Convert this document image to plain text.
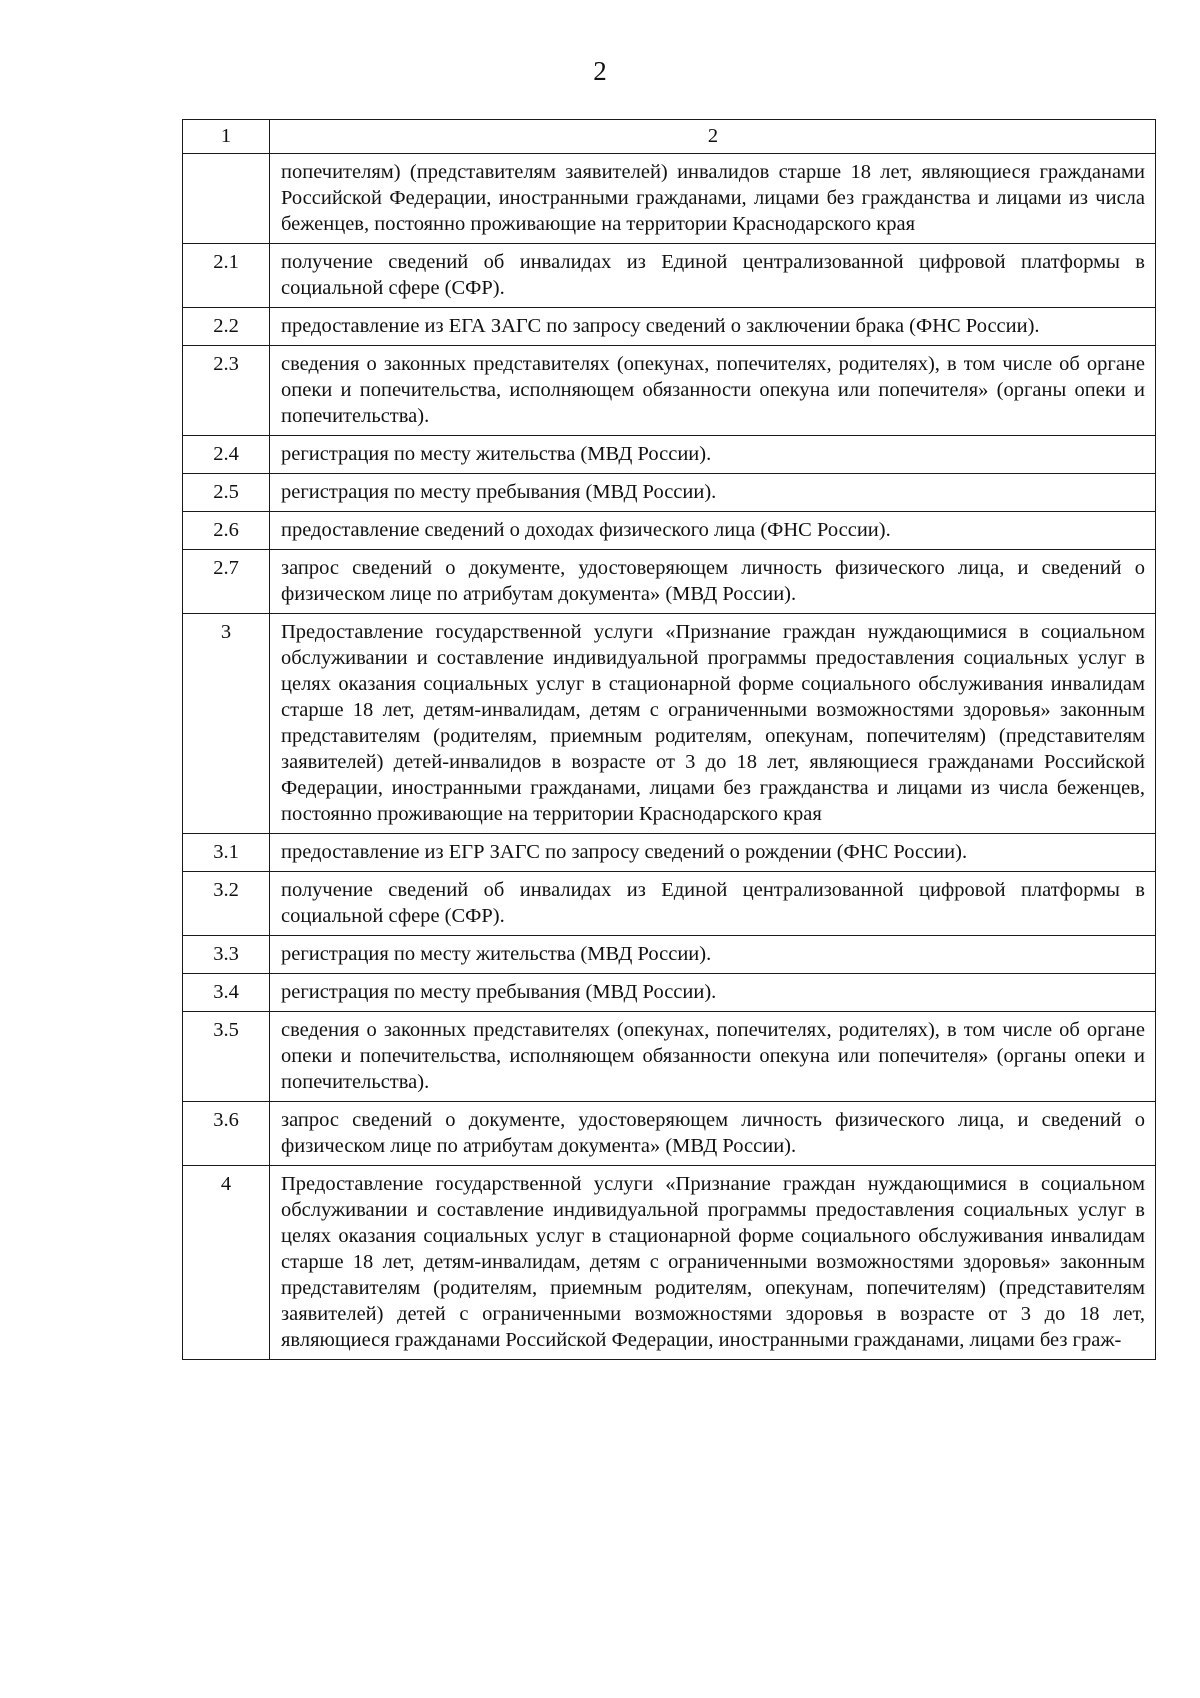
2
1	2
	попечителям) (представителям заявителей) инвалидов старше 18 лет, являющиеся гражданами Российской Федерации, иностранными гражданами, лицами без гражданства и лицами из числа беженцев, постоянно проживающие на территории Краснодарского края
2.1	получение сведений об инвалидах из Единой централизованной цифровой платформы в социальной сфере (СФР).
2.2	предоставление из ЕГА ЗАГС по запросу сведений о заключении брака (ФНС России).
2.3	сведения о законных представителях (опекунах, попечителях, родителях), в том числе об органе опеки и попечительства, исполняющем обязанности опекуна или попечителя» (органы опеки и попечительства).
2.4	регистрация по месту жительства (МВД России).
2.5	регистрация по месту пребывания (МВД России).
2.6	предоставление сведений о доходах физического лица (ФНС России).
2.7	запрос сведений о документе, удостоверяющем личность физического лица, и сведений о физическом лице по атрибутам документа» (МВД России).
3	Предоставление государственной услуги «Признание граждан нуждающимися в социальном обслуживании и составление индивидуальной программы предоставления социальных услуг в целях оказания социальных услуг в стационарной форме социального обслуживания инвалидам старше 18 лет, детям-инвалидам, детям с ограниченными возможностями здоровья» законным представителям (родителям, приемным родителям, опекунам, попечителям) (представителям заявителей) детей-инвалидов в возрасте от 3 до 18 лет, являющиеся гражданами Российской Федерации, иностранными гражданами, лицами без гражданства и лицами из числа беженцев, постоянно проживающие на территории Краснодарского края
3.1	предоставление из ЕГР ЗАГС по запросу сведений о рождении (ФНС России).
3.2	получение сведений об инвалидах из Единой централизованной цифровой платформы в социальной сфере (СФР).
3.3	регистрация по месту жительства (МВД России).
3.4	регистрация по месту пребывания (МВД России).
3.5	сведения о законных представителях (опекунах, попечителях, родителях), в том числе об органе опеки и попечительства, исполняющем обязанности опекуна или попечителя» (органы опеки и попечительства).
3.6	запрос сведений о документе, удостоверяющем личность физического лица, и сведений о физическом лице по атрибутам документа» (МВД России).
4	Предоставление государственной услуги «Признание граждан нуждающимися в социальном обслуживании и составление индивидуальной программы предоставления социальных услуг в целях оказания социальных услуг в стационарной форме социального обслуживания инвалидам старше 18 лет, детям-инвалидам, детям с ограниченными возможностями здоровья» законным представителям (родителям, приемным родителям, опекунам, попечителям) (представителям заявителей) детей с ограниченными возможностями здоровья в возрасте от 3 до 18 лет, являющиеся гражданами Российской Федерации, иностранными гражданами, лицами без граж-
